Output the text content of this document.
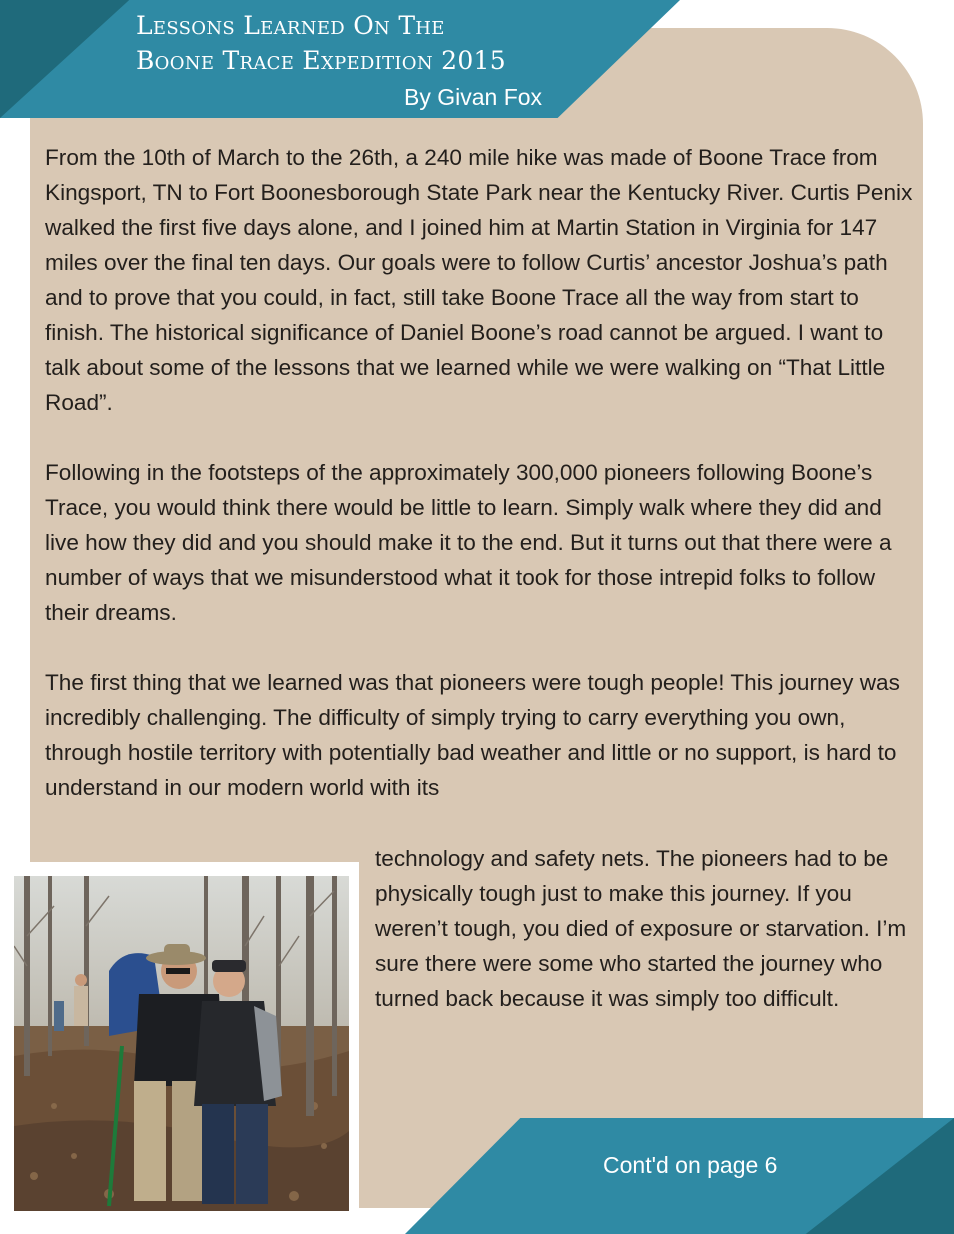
Lessons Learned On The
Boone Trace Expedition 2015
By Givan Fox

From the 10th of March to the 26th, a 240 mile hike was made of Boone Trace from Kingsport, TN to Fort Boonesborough State Park near the Kentucky River. Curtis Penix walked the first five days alone, and I joined him at Martin Station in Virginia for 147 miles over the final ten days. Our goals were to follow Curtis’ ancestor Joshua’s path and to prove that you could, in fact, still take Boone Trace all the way from start to finish. The historical significance of Daniel Boone’s road cannot be argued. I want to talk about some of the lessons that we learned while we were walking on “That Little Road”.

Following in the footsteps of the approximately 300,000 pioneers following Boone’s Trace, you would think there would be little to learn. Simply walk where they did and live how they did and you should make it to the end. But it turns out that there were a number of ways that we misunderstood what it took for those intrepid folks to follow their dreams.

The first thing that we learned was that pioneers were tough people! This journey was incredibly challenging. The difficulty of simply trying to carry everything you own, through hostile territory with potentially bad weather and little or no support, is hard to understand in our modern world with its

technology and safety nets. The pioneers had to be physically tough just to make this journey. If you weren’t tough, you died of exposure or starvation. I’m sure there were some who started the journey who turned back because it was simply too difficult.
Cont'd on page 6
